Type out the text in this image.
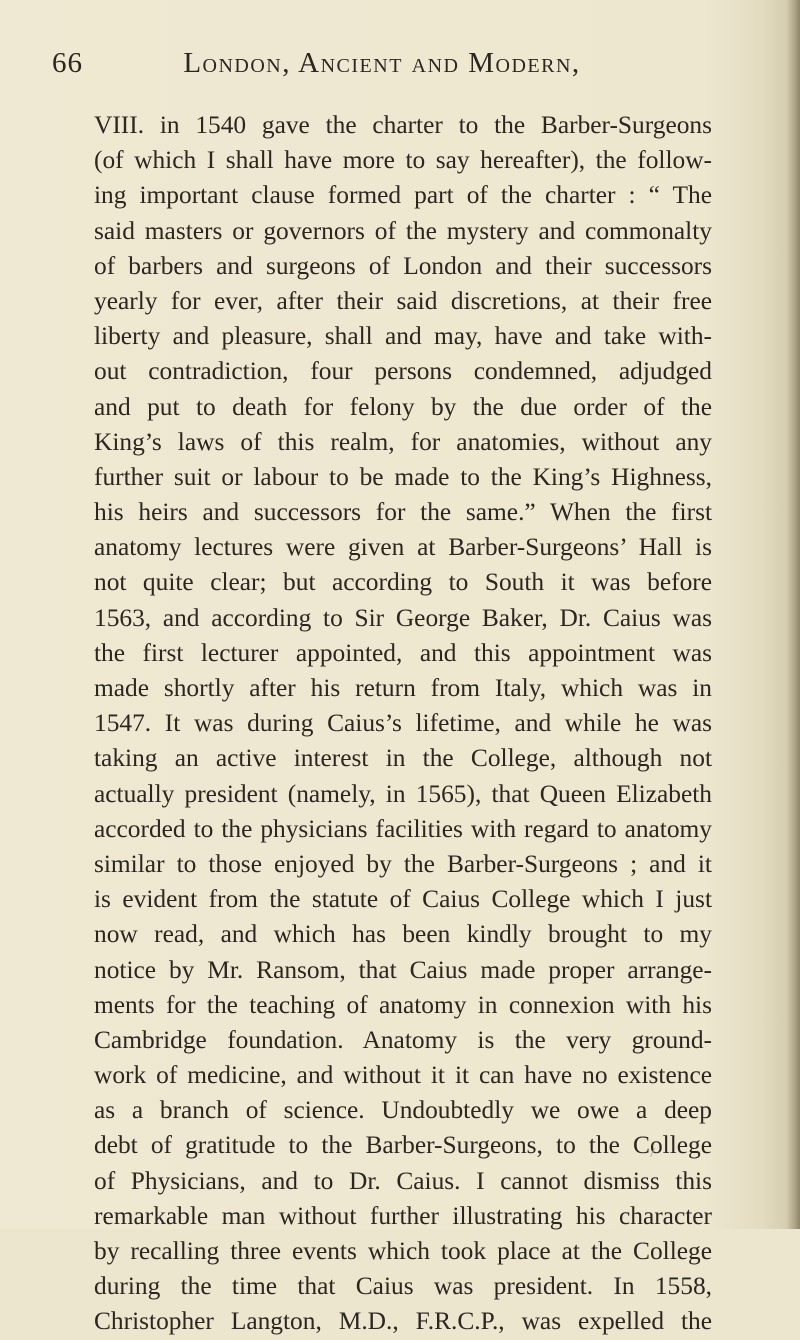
66	London, Ancient and Modern,
VIII. in 1540 gave the charter to the Barber-Surgeons
(of which I shall have more to say hereafter), the follow-
ing important clause formed part of the charter : “ The
said masters or governors of the mystery and commonalty
of barbers and surgeons of London and their successors
yearly for ever, after their said discretions, at their free
liberty and pleasure, shall and may, have and take with-
out contradiction, four persons condemned, adjudged
and put to death for felony by the due order of the
King’s laws of this realm, for anatomies, without any
further suit or labour to be made to the King’s Highness,
his heirs and successors for the same.” When the first
anatomy lectures were given at Barber-Surgeons’ Hall is
not quite clear; but according to South it was before
1563, and according to Sir George Baker, Dr. Caius was
the first lecturer appointed, and this appointment was
made shortly after his return from Italy, which was in
1547. It was during Caius’s lifetime, and while he was
taking an active interest in the College, although not
actually president (namely, in 1565), that Queen Elizabeth
accorded to the physicians facilities with regard to anatomy
similar to those enjoyed by the Barber-Surgeons ; and it
is evident from the statute of Caius College which I just
now read, and which has been kindly brought to my
notice by Mr. Ransom, that Caius made proper arrange-
ments for the teaching of anatomy in connexion with his
Cambridge foundation. Anatomy is the very ground-
work of medicine, and without it it can have no existence
as a branch of science. Undoubtedly we owe a deep
debt of gratitude to the Barber-Surgeons, to the College
of Physicians, and to Dr. Caius. I cannot dismiss this
remarkable man without further illustrating his character
by recalling three events which took place at the College
during the time that Caius was president. In 1558,
Christopher Langton, M.D., F.R.C.P., was expelled the
